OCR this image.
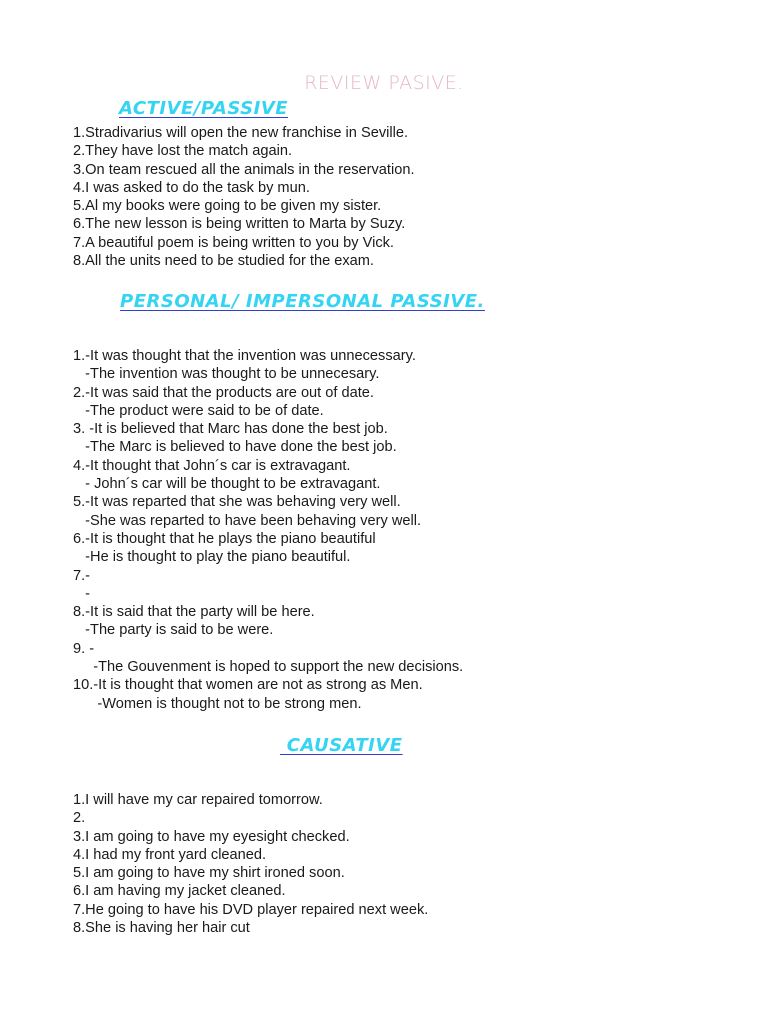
REVIEW PASIVE.
ACTIVE/PASSIVE
1.Stradivarius will open the new franchise in Seville.
2.They have lost the match again.
3.On team rescued all the animals in the reservation.
4.I was asked to do the task by mun.
5.Al my books were going to be given my sister.
6.The new lesson is being written to Marta by Suzy.
7.A beautiful poem is being written to you by Vick.
8.All the units need to be studied for the exam.
PERSONAL/ IMPERSONAL PASSIVE.
1.-It was thought that the invention was unnecessary.
-The invention was thought to be unnecesary.
2.-It was said that the products are out of date.
-The product were said to be of date.
3. -It is believed that Marc has done the best job.
-The Marc is believed to have done the best job.
4.-It thought that John´s car is extravagant.
- John´s car will be thought to be extravagant.
5.-It was reparted that she was behaving very well.
-She was reparted to have been behaving very well.
6.-It is thought that he plays the piano beautiful
-He is thought to play the piano beautiful.
7.-
-
8.-It is said that the party will be here.
-The party is said to be were.
9. -
-The Gouvenment is hoped to support the new decisions.
10.-It is thought that women are not as strong as Men.
-Women is thought not to be strong men.
CAUSATIVE
1.I will have my car repaired tomorrow.
2.
3.I am going to have my eyesight checked.
4.I had my front yard cleaned.
5.I am going to have my shirt ironed soon.
6.I am having my jacket cleaned.
7.He going to have his DVD player repaired next week.
8.She is having her hair cut
